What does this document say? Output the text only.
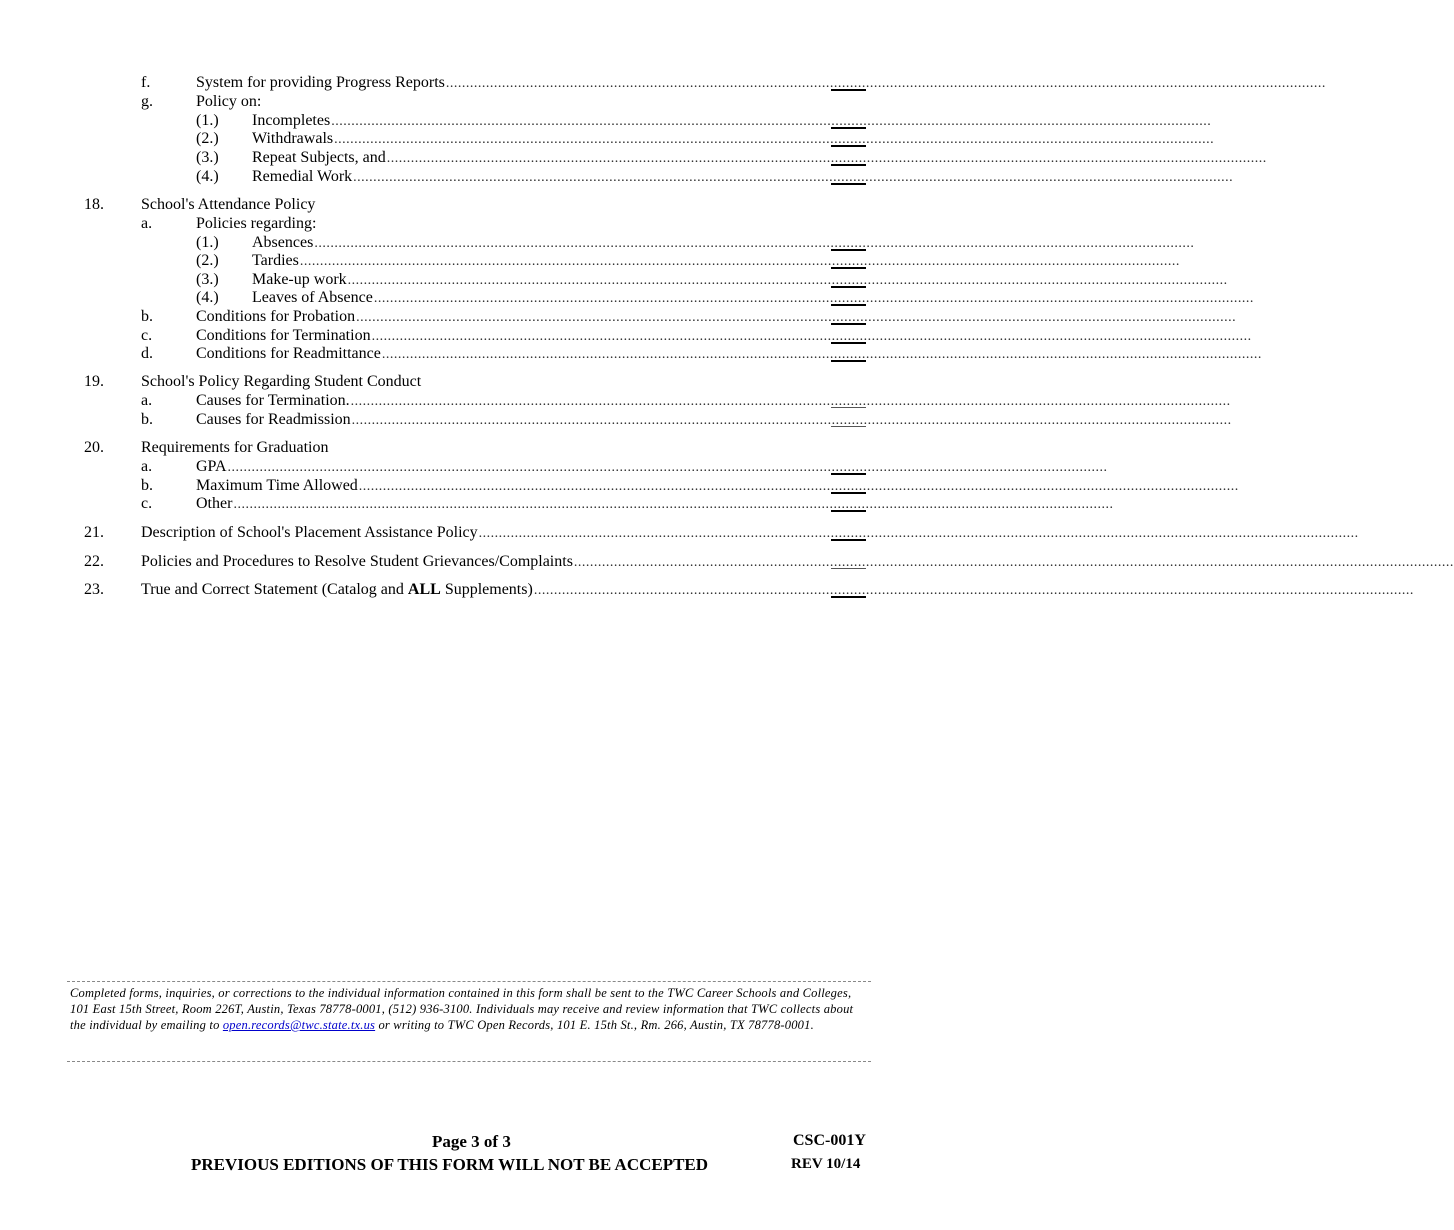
f.	System for providing Progress Reports ............................................................................................................................................................................................................................
g.	Policy on:
(1.) Incompletes ............................................................................................................................................................................................................................
(2.) Withdrawals ............................................................................................................................................................................................................................
(3.) Repeat Subjects, and ............................................................................................................................................................................................................................
(4.) Remedial Work ............................................................................................................................................................................................................................
18. School's Attendance Policy
a.	Policies regarding:
(1.) Absences ............................................................................................................................................................................................................................
(2.) Tardies ............................................................................................................................................................................................................................
(3.) Make-up work ............................................................................................................................................................................................................................
(4.) Leaves of Absence ............................................................................................................................................................................................................................
b.	Conditions for Probation ............................................................................................................................................................................................................................
c.	Conditions for Termination ............................................................................................................................................................................................................................
d.	Conditions for Readmittance ............................................................................................................................................................................................................................
19. School's Policy Regarding Student Conduct
a.	Causes for Termination. ............................................................................................................................................................................................................................
b.	Causes for Readmission ............................................................................................................................................................................................................................
20. Requirements for Graduation
a.	GPA ............................................................................................................................................................................................................................
b.	Maximum Time Allowed ............................................................................................................................................................................................................................
c.	Other ............................................................................................................................................................................................................................
21. Description of School's Placement Assistance Policy ............................................................................................................................................................................................................................
22. Policies and Procedures to Resolve Student Grievances/Complaints ............................................................................................................................................................................................................................
23. True and Correct Statement (Catalog and ALL Supplements) ............................................................................................................................................................................................................................
Completed forms, inquiries, or corrections to the individual information contained in this form shall be sent to the TWC Career Schools and Colleges, 101 East 15th Street, Room 226T, Austin, Texas 78778-0001, (512) 936-3100. Individuals may receive and review information that TWC collects about the individual by emailing to open.records@twc.state.tx.us or writing to TWC Open Records, 101 E. 15th St., Rm. 266, Austin, TX 78778-0001.
Page 3 of 3
PREVIOUS EDITIONS OF THIS FORM WILL NOT BE ACCEPTED
CSC-001Y
REV 10/14
